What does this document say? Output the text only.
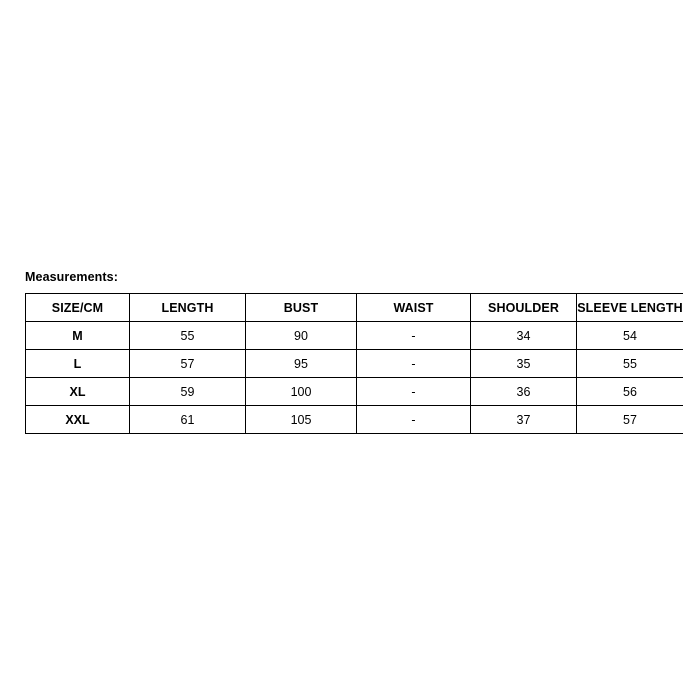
Measurements:
SIZE/CM	LENGTH	BUST	WAIST	SHOULDER	SLEEVE LENGTH
M	55	90	-	34	54
L	57	95	-	35	55
XL	59	100	-	36	56
XXL	61	105	-	37	57
